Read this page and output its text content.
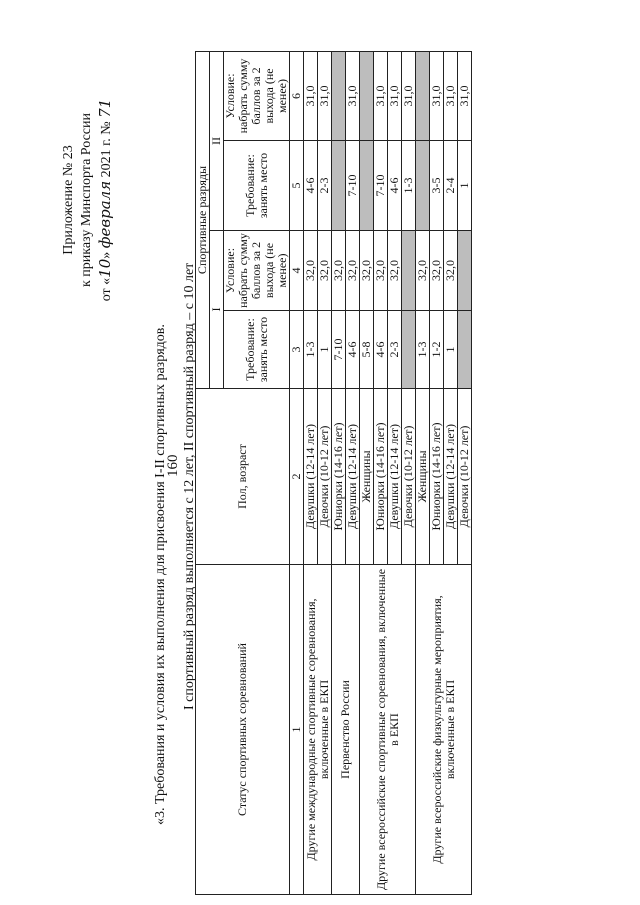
160
Приложение № 23 к приказу Минспорта России
от «10» февраля 2021 г. № 71
«3. Требования и условия их выполнения для присвоения I-II спортивных разрядов. I спортивный разряд выполняется с 12 лет, II спортивный разряд – с 10 лет
Статус спортивных соревнований	Пол, возраст	Спортивные разряды			
		I		II	
		Требование: занять место	Условие: набрать сумму баллов за 2 выхода (не менее)	Требование: занять место	Условие: набрать сумму баллов за 2 выхода (не менее)
1	2	3	4	5	6
Другие международные спортивные соревнования, включенные в ЕКП	Девушки (12-14 лет)	1-3	32,0	4-6	31,0
	Девочки (10-12 лет)	1	32,0	2-3	31,0
Первенство России	Юниорки (14-16 лет)	7-10	32,0		
	Девушки (12-14 лет)	4-6	32,0	7-10	31,0
Другие всероссийские спортивные соревнования, включенные в ЕКП	Женщины	5-8	32,0		
	Юниорки (14-16 лет)	4-6	32,0	7-10	31,0
	Девушки (12-14 лет)	2-3	32,0	4-6	31,0
	Девочки (10-12 лет)			1-3	31,0
Другие всероссийские физкультурные мероприятия, включенные в ЕКП	Женщины	1-3	32,0		
	Юниорки (14-16 лет)	1-2	32,0	3-5	31,0
	Девушки (12-14 лет)	1	32,0	2-4	31,0
	Девочки (10-12 лет)			1	31,0
